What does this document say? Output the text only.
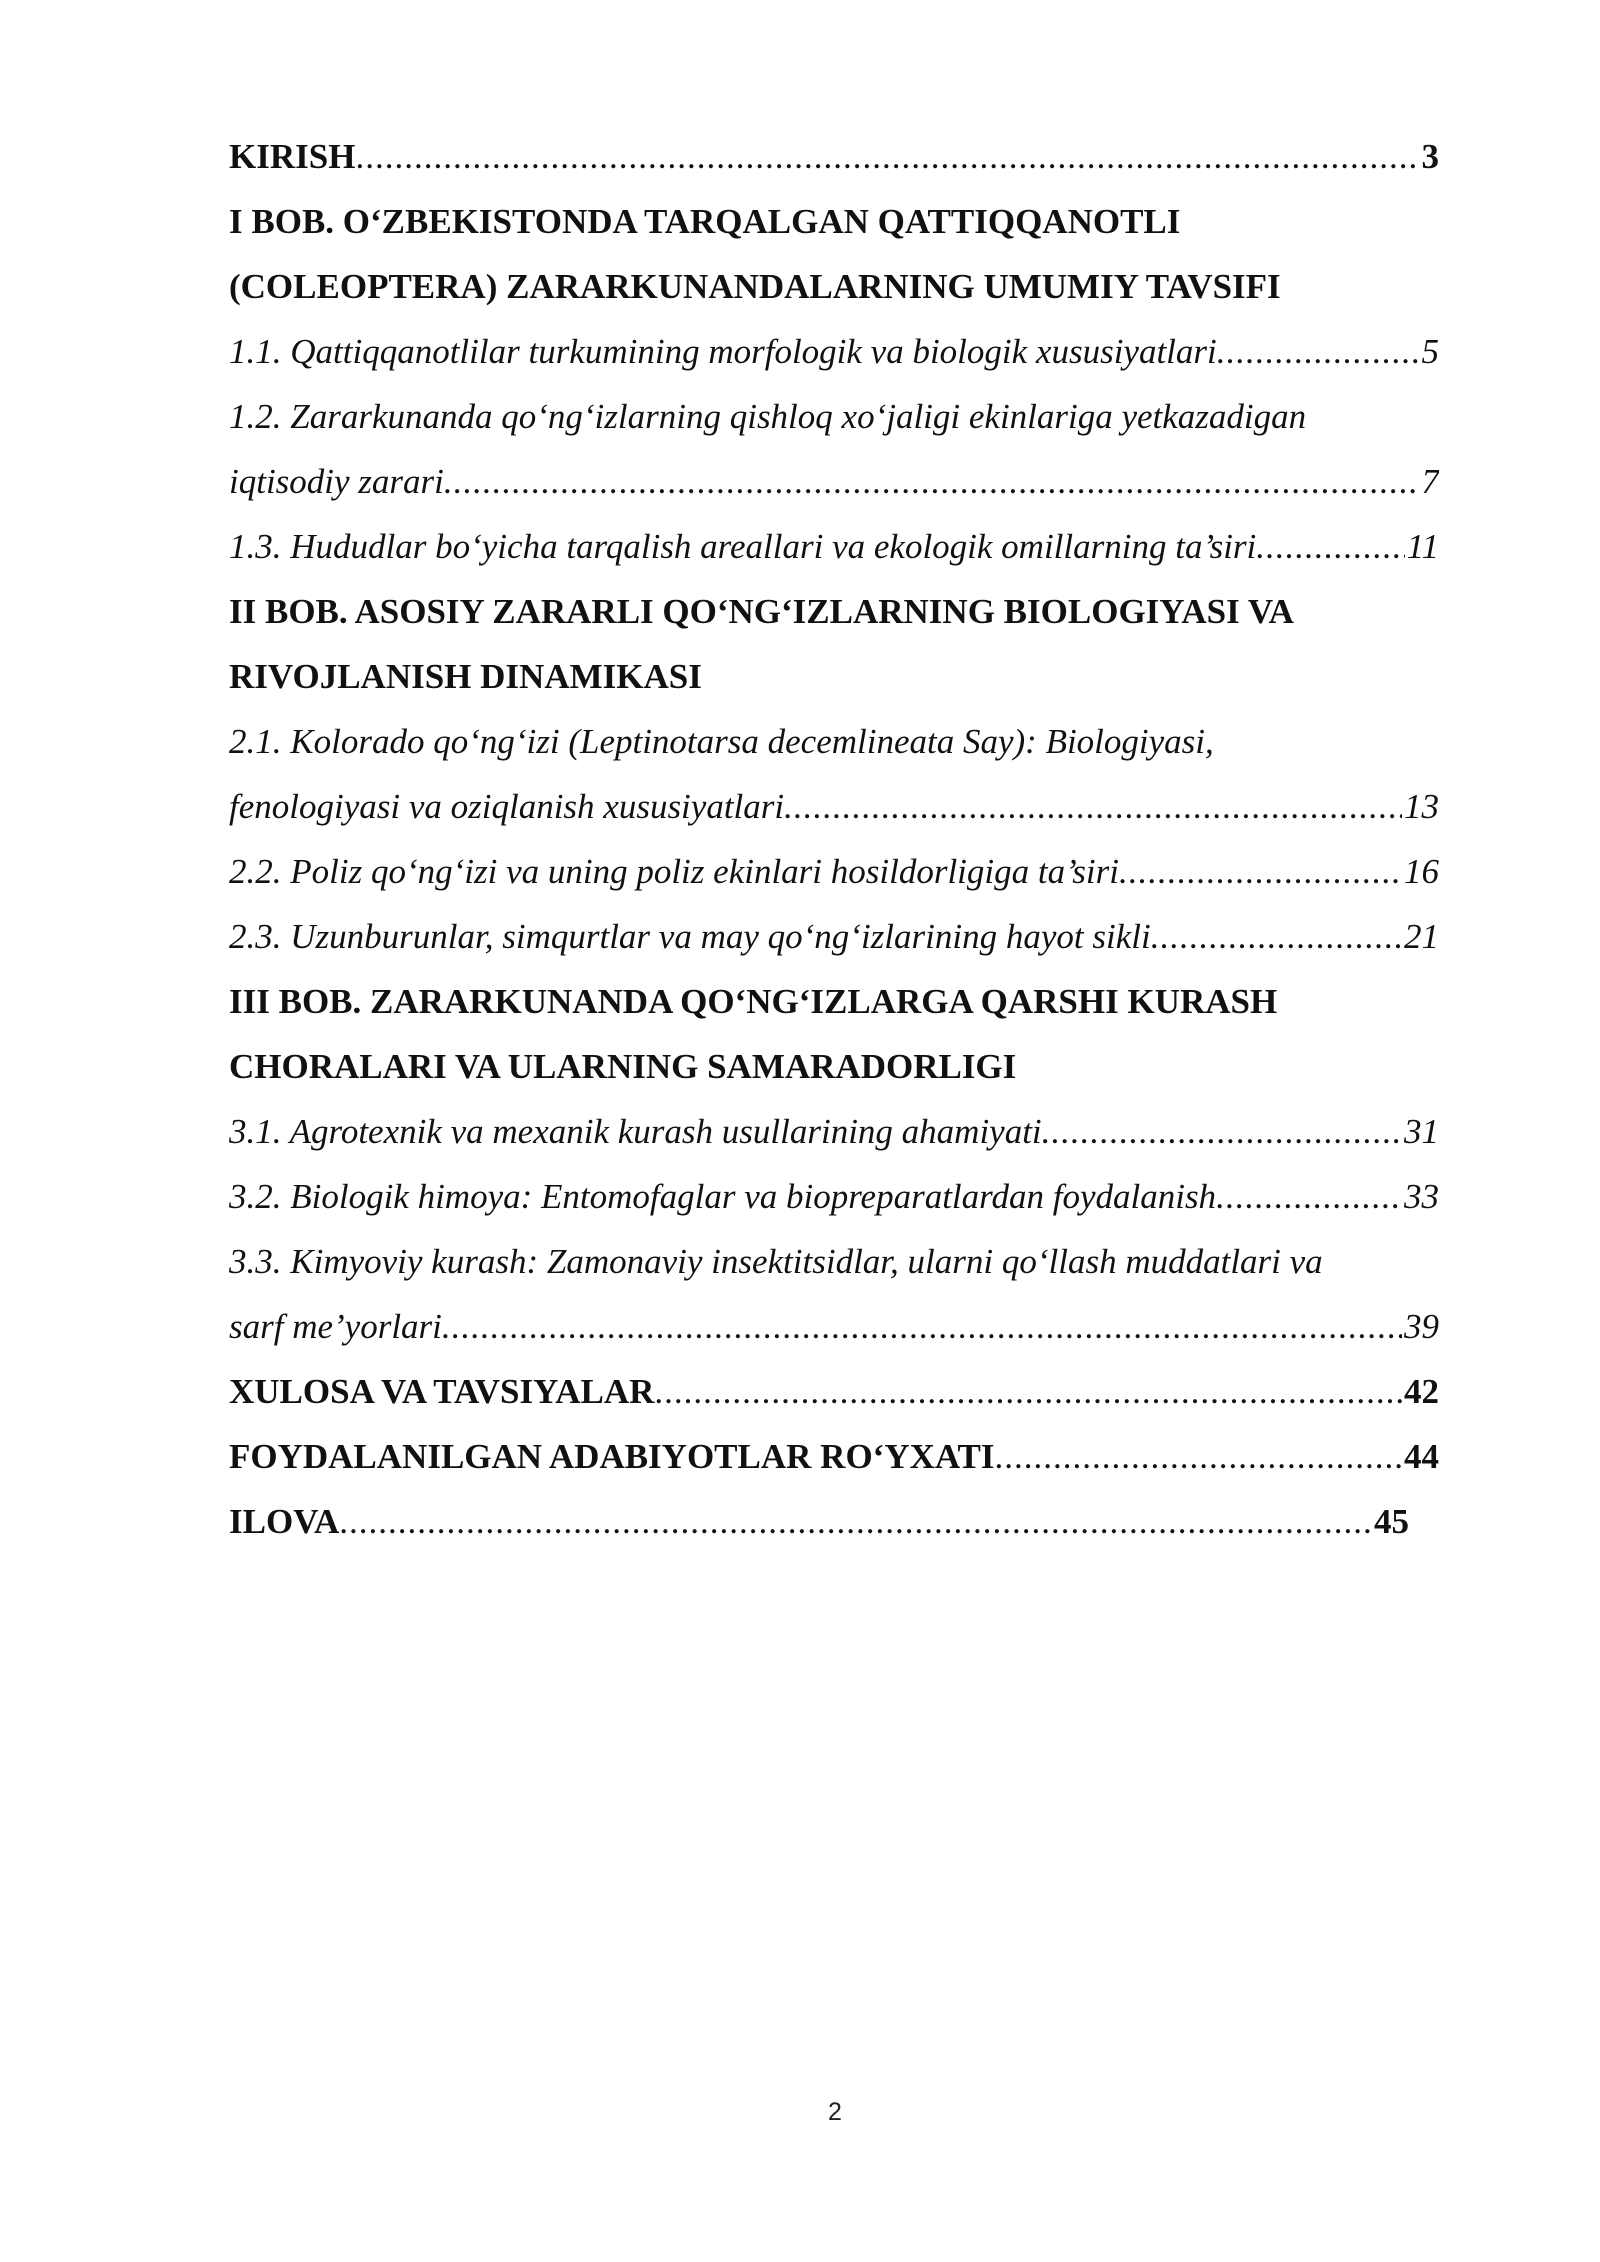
KIRISH .....	3
I BOB. O‘ZBEKISTONDA TARQALGAN QATTIQQANOTLI
(COLEOPTERA) ZARARKUNANDALARNING UMUMIY TAVSIFI
1.1. Qattiqqanotlilar turkumining morfologik va biologik xususiyatlari .....	5
1.2. Zararkunanda qo‘ng‘izlarning qishloq xo‘jaligi ekinlariga yetkazadigan
iqtisodiy zarari .....	7
1.3. Hududlar bo‘yicha tarqalish areallari va ekologik omillarning ta’siri .....	11
II BOB. ASOSIY ZARARLI QO‘NG‘IZLARNING BIOLOGIYASI VA
RIVOJLANISH DINAMIKASI
2.1. Kolorado qo‘ng‘izi (Leptinotarsa decemlineata Say): Biologiyasi,
fenologiyasi va oziqlanish xususiyatlari .....	13
2.2. Poliz qo‘ng‘izi va uning poliz ekinlari hosildorligiga ta’siri .....	16
2.3. Uzunburunlar, simqurtlar va may qo‘ng‘izlarining hayot sikli .....	21
III BOB. ZARARKUNANDA QO‘NG‘IZLARGA QARSHI KURASH
CHORALARI VA ULARNING SAMARADORLIGI
3.1. Agrotexnik va mexanik kurash usullarining ahamiyati .....	31
3.2. Biologik himoya: Entomofaglar va biopreparatlardan foydalanish .....	33
3.3. Kimyoviy kurash: Zamonaviy insektitsidlar, ularni qo‘llash muddatlari va
sarf me’yorlari .....	39
XULOSA VA TAVSIYALAR .....	42
FOYDALANILGAN ADABIYOTLAR RO‘YXATI .....	44
ILOVA .....	45
2
